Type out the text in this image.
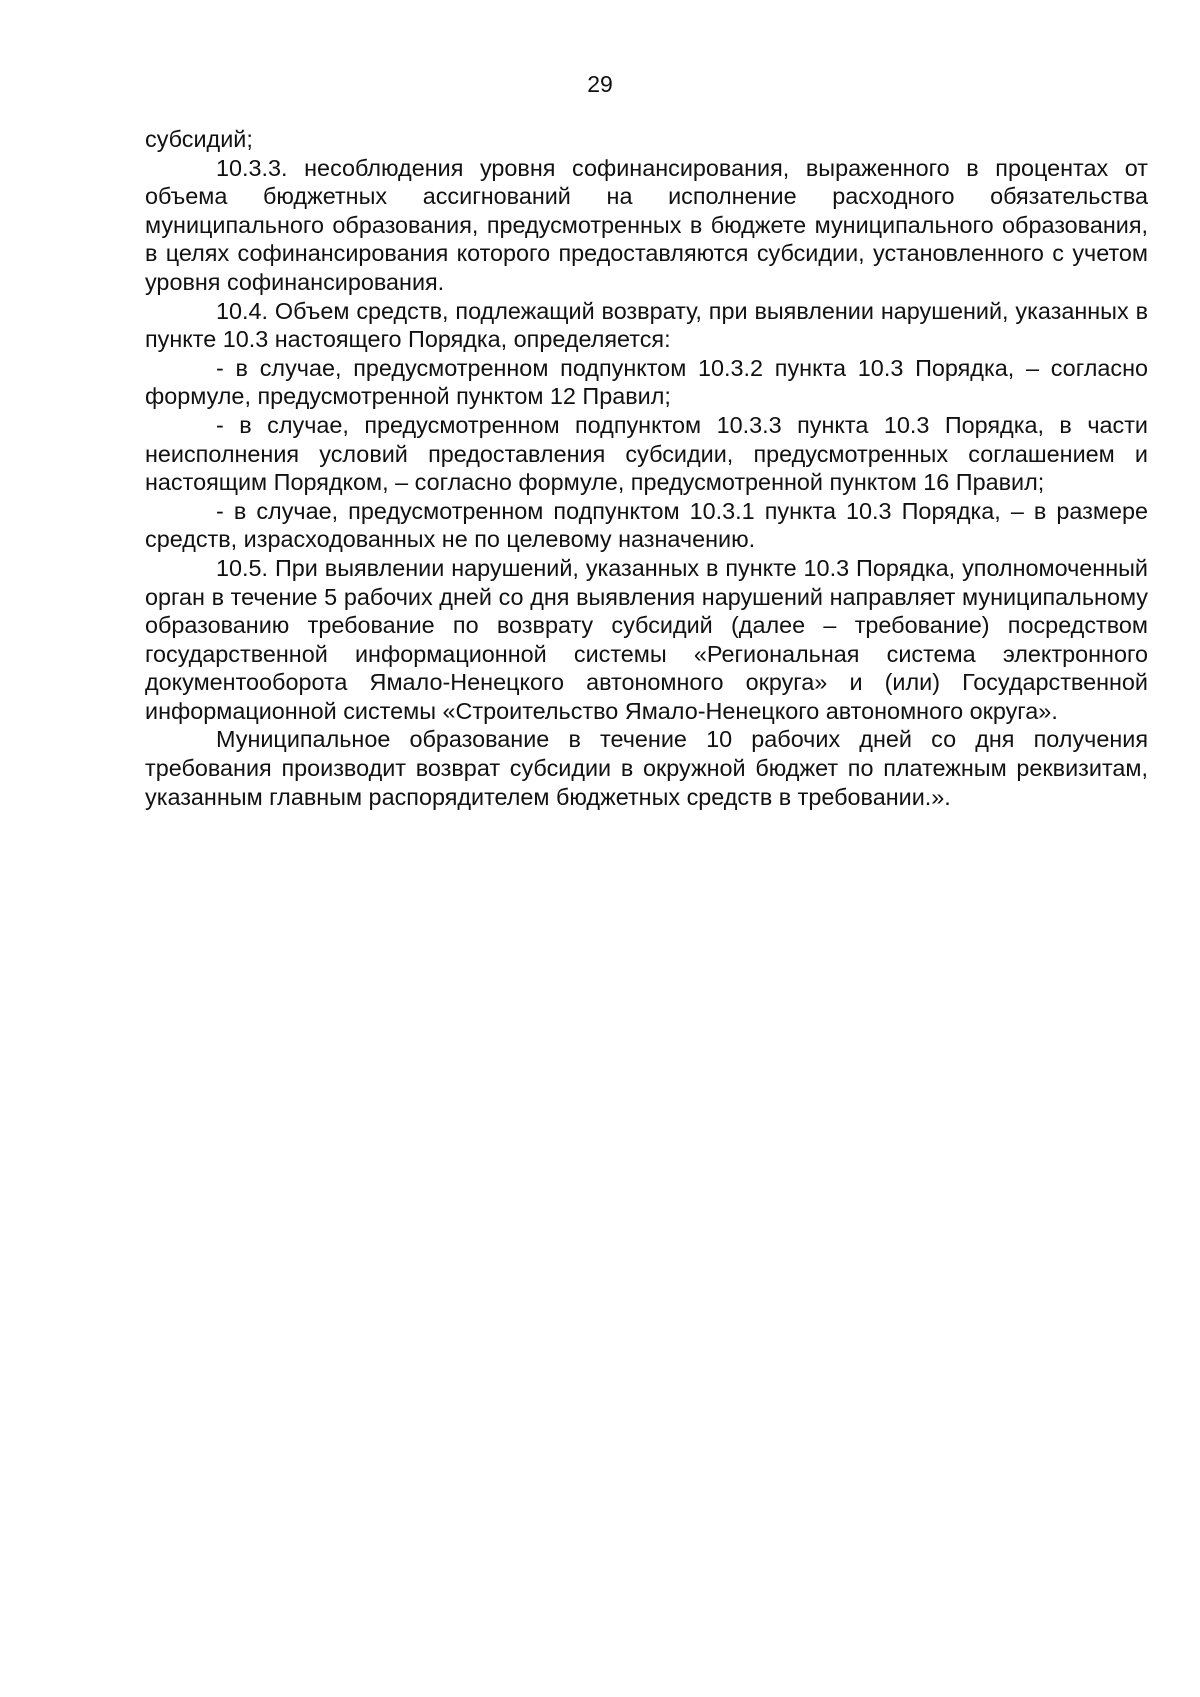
29

субсидий;

10.3.3. несоблюдения уровня софинансирования, выраженного в процентах от объема бюджетных ассигнований на исполнение расходного обязательства муниципального образования, предусмотренных в бюджете муниципального образования, в целях софинансирования которого предоставляются субсидии, установленного с учетом уровня софинансирования.

10.4. Объем средств, подлежащий возврату, при выявлении нарушений, указанных в пункте 10.3 настоящего Порядка, определяется:

- в случае, предусмотренном подпунктом 10.3.2 пункта 10.3 Порядка, – согласно формуле, предусмотренной пунктом 12 Правил;

- в случае, предусмотренном подпунктом 10.3.3 пункта 10.3 Порядка, в части неисполнения условий предоставления субсидии, предусмотренных соглашением и настоящим Порядком, – согласно формуле, предусмотренной пунктом 16 Правил;

- в случае, предусмотренном подпунктом 10.3.1 пункта 10.3 Порядка, – в размере средств, израсходованных не по целевому назначению.

10.5. При выявлении нарушений, указанных в пункте 10.3 Порядка, уполномоченный орган в течение 5 рабочих дней со дня выявления нарушений направляет муниципальному образованию требование по возврату субсидий (далее – требование) посредством государственной информационной системы «Региональная система электронного документооборота Ямало-Ненецкого автономного округа» и (или) Государственной информационной системы «Строительство Ямало-Ненецкого автономного округа».

Муниципальное образование в течение 10 рабочих дней со дня получения требования производит возврат субсидии в окружной бюджет по платежным реквизитам, указанным главным распорядителем бюджетных средств в требовании.».
